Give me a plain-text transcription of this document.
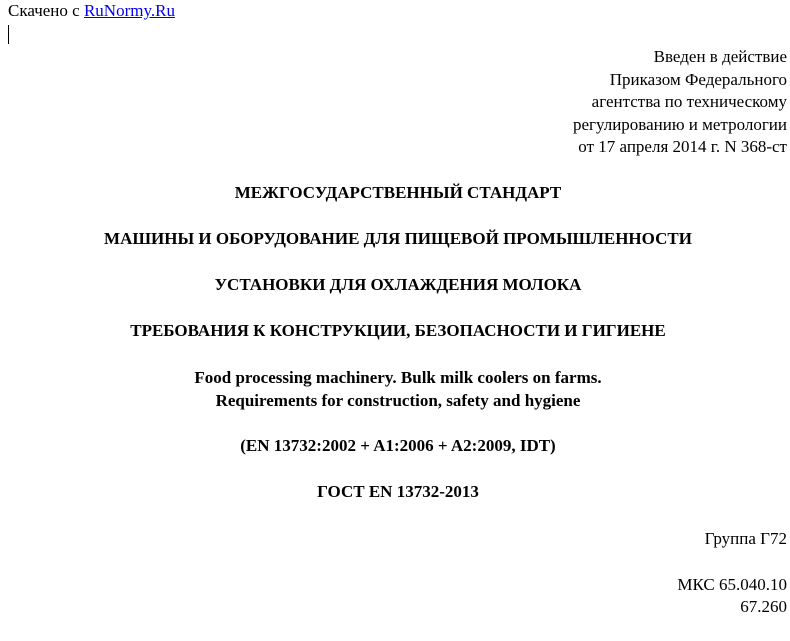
Скачено с RuNormy.Ru
Введен в действие
Приказом Федерального
агентства по техническому
регулированию и метрологии
от 17 апреля 2014 г. N 368-ст
МЕЖГОСУДАРСТВЕННЫЙ СТАНДАРТ
МАШИНЫ И ОБОРУДОВАНИЕ ДЛЯ ПИЩЕВОЙ ПРОМЫШЛЕННОСТИ
УСТАНОВКИ ДЛЯ ОХЛАЖДЕНИЯ МОЛОКА
ТРЕБОВАНИЯ К КОНСТРУКЦИИ, БЕЗОПАСНОСТИ И ГИГИЕНЕ
Food processing machinery. Bulk milk coolers on farms.
Requirements for construction, safety and hygiene
(EN 13732:2002 + A1:2006 + A2:2009, IDT)
ГОСТ EN 13732-2013
Группа Г72
МКС 65.040.10
67.260
